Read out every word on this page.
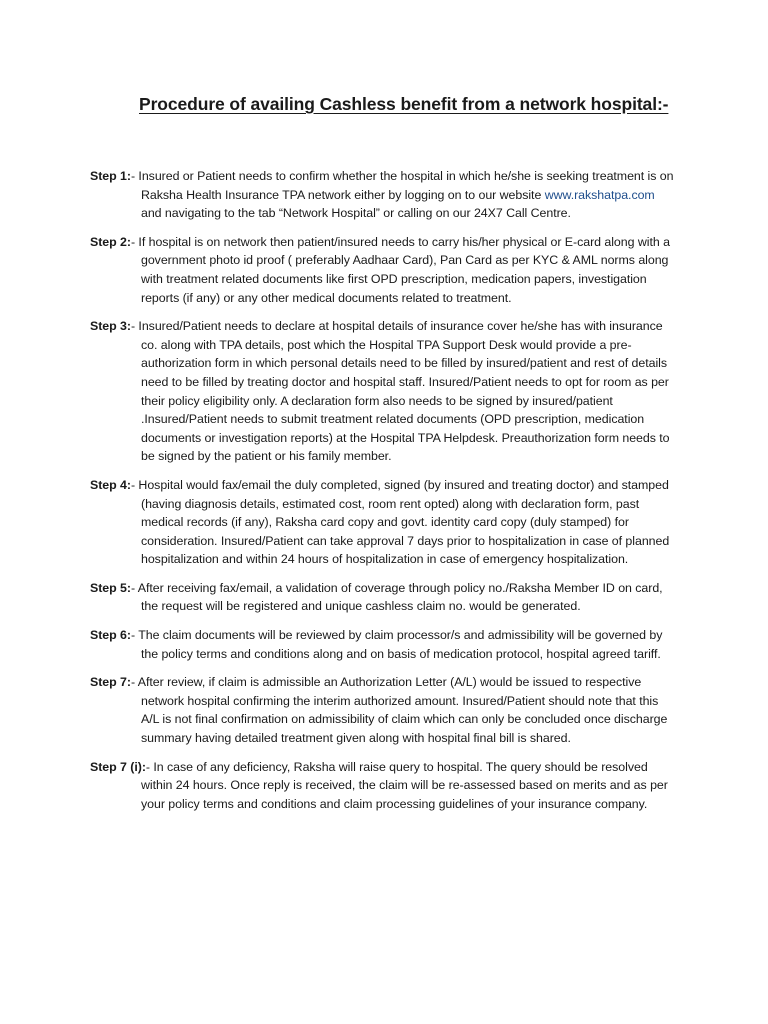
Procedure of availing Cashless benefit from a network hospital:-

Step 1:- Insured or Patient needs to confirm whether the hospital in which he/she is seeking treatment is on Raksha Health Insurance TPA network either by logging on to our website www.rakshatpa.com and navigating to the tab “Network Hospital” or calling on our 24X7 Call Centre.

Step 2:- If hospital is on network then patient/insured needs to carry his/her physical or E-card along with a government photo id proof ( preferably Aadhaar Card), Pan Card as per KYC & AML norms along with treatment related documents like first OPD prescription, medication papers, investigation reports (if any) or any other medical documents related to treatment.

Step 3:- Insured/Patient needs to declare at hospital details of insurance cover he/she has with insurance co. along with TPA details, post which the Hospital TPA Support Desk would provide a pre-authorization form in which personal details need to be filled by insured/patient and rest of details need to be filled by treating doctor and hospital staff. Insured/Patient needs to opt for room as per their policy eligibility only. A declaration form also needs to be signed by insured/patient .Insured/Patient needs to submit treatment related documents (OPD prescription, medication documents or investigation reports) at the Hospital TPA Helpdesk. Preauthorization form needs to be signed by the patient or his family member.

Step 4:- Hospital would fax/email the duly completed, signed (by insured and treating doctor) and stamped (having diagnosis details, estimated cost, room rent opted) along with declaration form, past medical records (if any), Raksha card copy and govt. identity card copy (duly stamped) for consideration. Insured/Patient can take approval 7 days prior to hospitalization in case of planned hospitalization and within 24 hours of hospitalization in case of emergency hospitalization.

Step 5:- After receiving fax/email, a validation of coverage through policy no./Raksha Member ID on card, the request will be registered and unique cashless claim no. would be generated.

Step 6:- The claim documents will be reviewed by claim processor/s and admissibility will be governed by the policy terms and conditions along and on basis of medication protocol, hospital agreed tariff.

Step 7:- After review, if claim is admissible an Authorization Letter (A/L) would be issued to respective network hospital confirming the interim authorized amount. Insured/Patient should note that this A/L is not final confirmation on admissibility of claim which can only be concluded once discharge summary having detailed treatment given along with hospital final bill is shared.

Step 7 (i):- In case of any deficiency, Raksha will raise query to hospital. The query should be resolved within 24 hours. Once reply is received, the claim will be re-assessed based on merits and as per your policy terms and conditions and claim processing guidelines of your insurance company.
